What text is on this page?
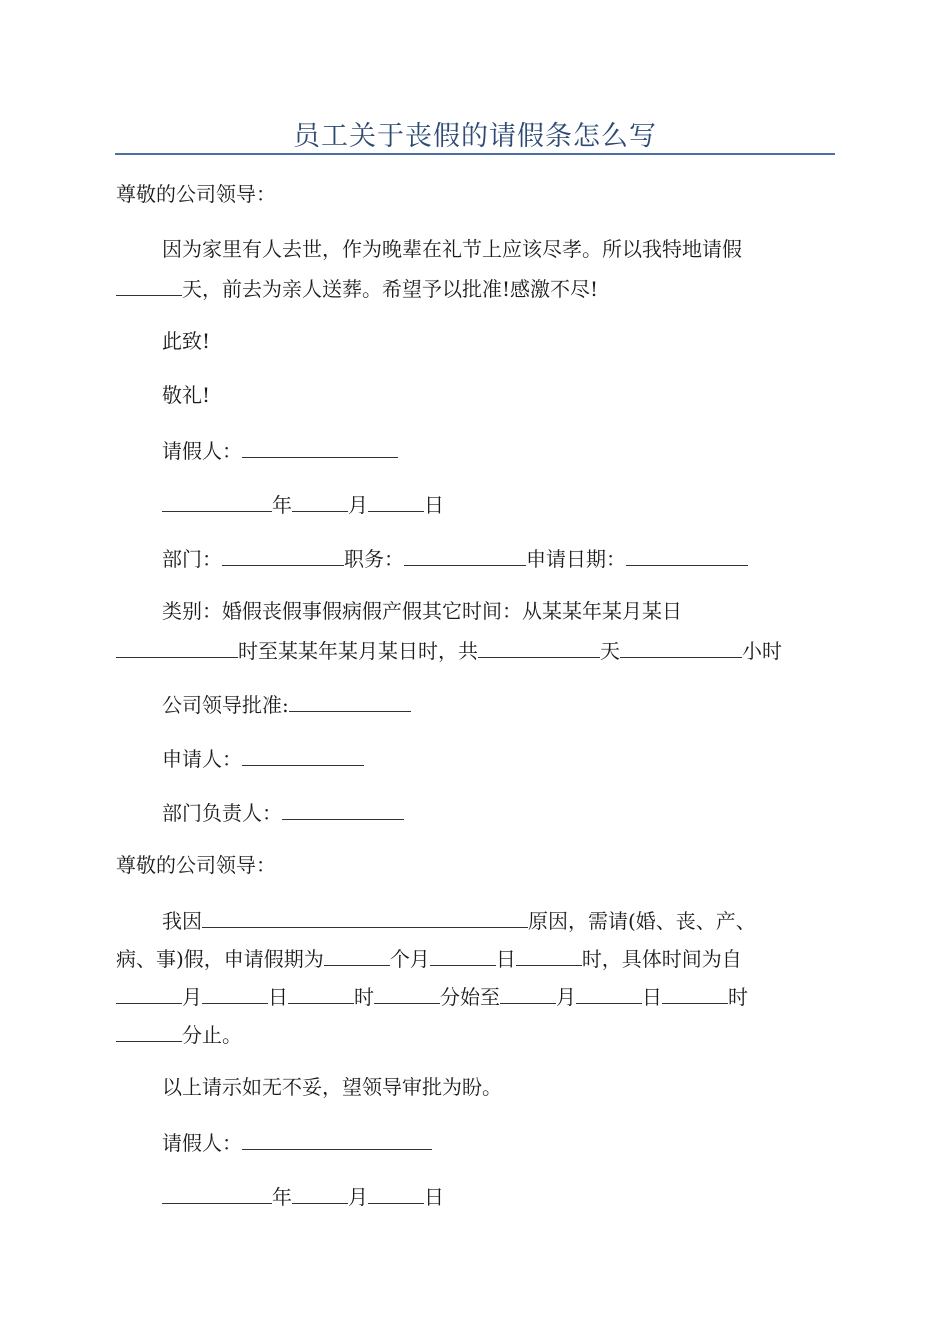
员工关于丧假的请假条怎么写
尊敬的公司领导：
因为家里有人去世，作为晚辈在礼节上应该尽孝。所以我特地请假
天，前去为亲人送葬。希望予以批准!感激不尽!
此致!
敬礼!
请假人：
年	月	日
部门：	职务：	申请日期：
类别：婚假丧假事假病假产假其它时间：从某某年某月某日
时至某某年某月某日时，共	天	小时
公司领导批准:
申请人：
部门负责人：
尊敬的公司领导：
我因	原因，需请(婚、丧、产、
病、事)假，申请假期为	个月	日	时，具体时间为自
月	日	时	分始至	月	日	时
分止。
以上请示如无不妥，望领导审批为盼。
请假人：
年	月	日
